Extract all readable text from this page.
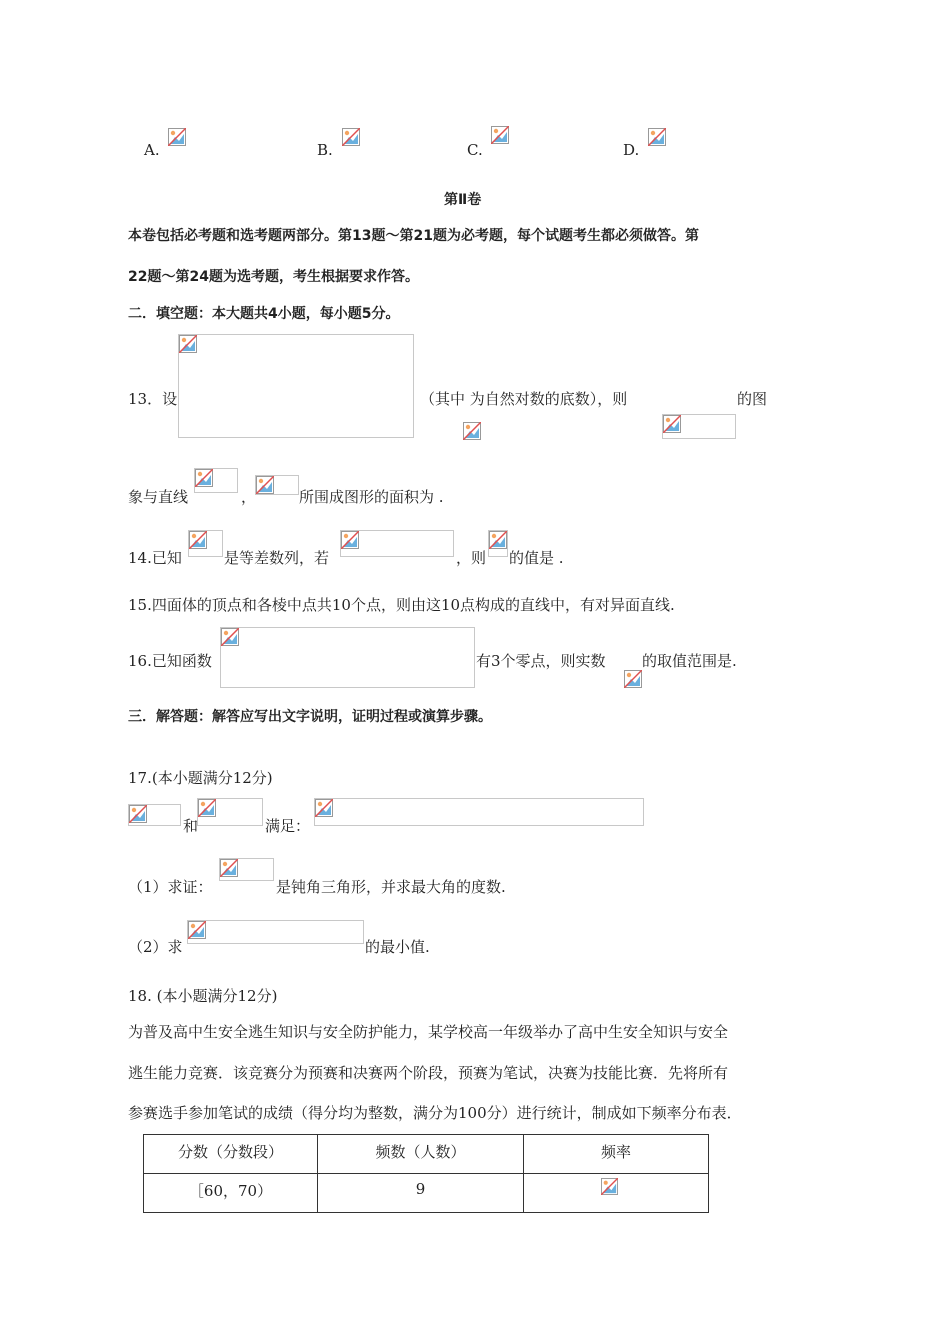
A.	B.	C.	D.
第Ⅱ卷
本卷包括必考题和选考题两部分。第13题～第21题为必考题，每个试题考生都必须做答。第
22题～第24题为选考题，考生根据要求作答。
二．填空题：本大题共4小题，每小题5分。
13．设	（其中 为自然对数的底数），则	的图
象与直线	，	所围成图形的面积为 .
14.已知	是等差数列，若	，则 的值是 .
15.四面体的顶点和各棱中点共10个点，则由这10点构成的直线中，有对异面直线.
16.已知函数	有3个零点，则实数 的取值范围是.
三．解答题：解答应写出文字说明，证明过程或演算步骤。
17.(本小题满分12分)
和	满足：
（1）求证：	是钝角三角形，并求最大角的度数.
（2）求	的最小值.
18. (本小题满分12分)
为普及高中生安全逃生知识与安全防护能力，某学校高一年级举办了高中生安全知识与安全
逃生能力竞赛．该竞赛分为预赛和决赛两个阶段，预赛为笔试，决赛为技能比赛．先将所有
参赛选手参加笔试的成绩（得分均为整数，满分为100分）进行统计，制成如下频率分布表．
分数（分数段）	频数（人数）	频率
［60，70）	9	
